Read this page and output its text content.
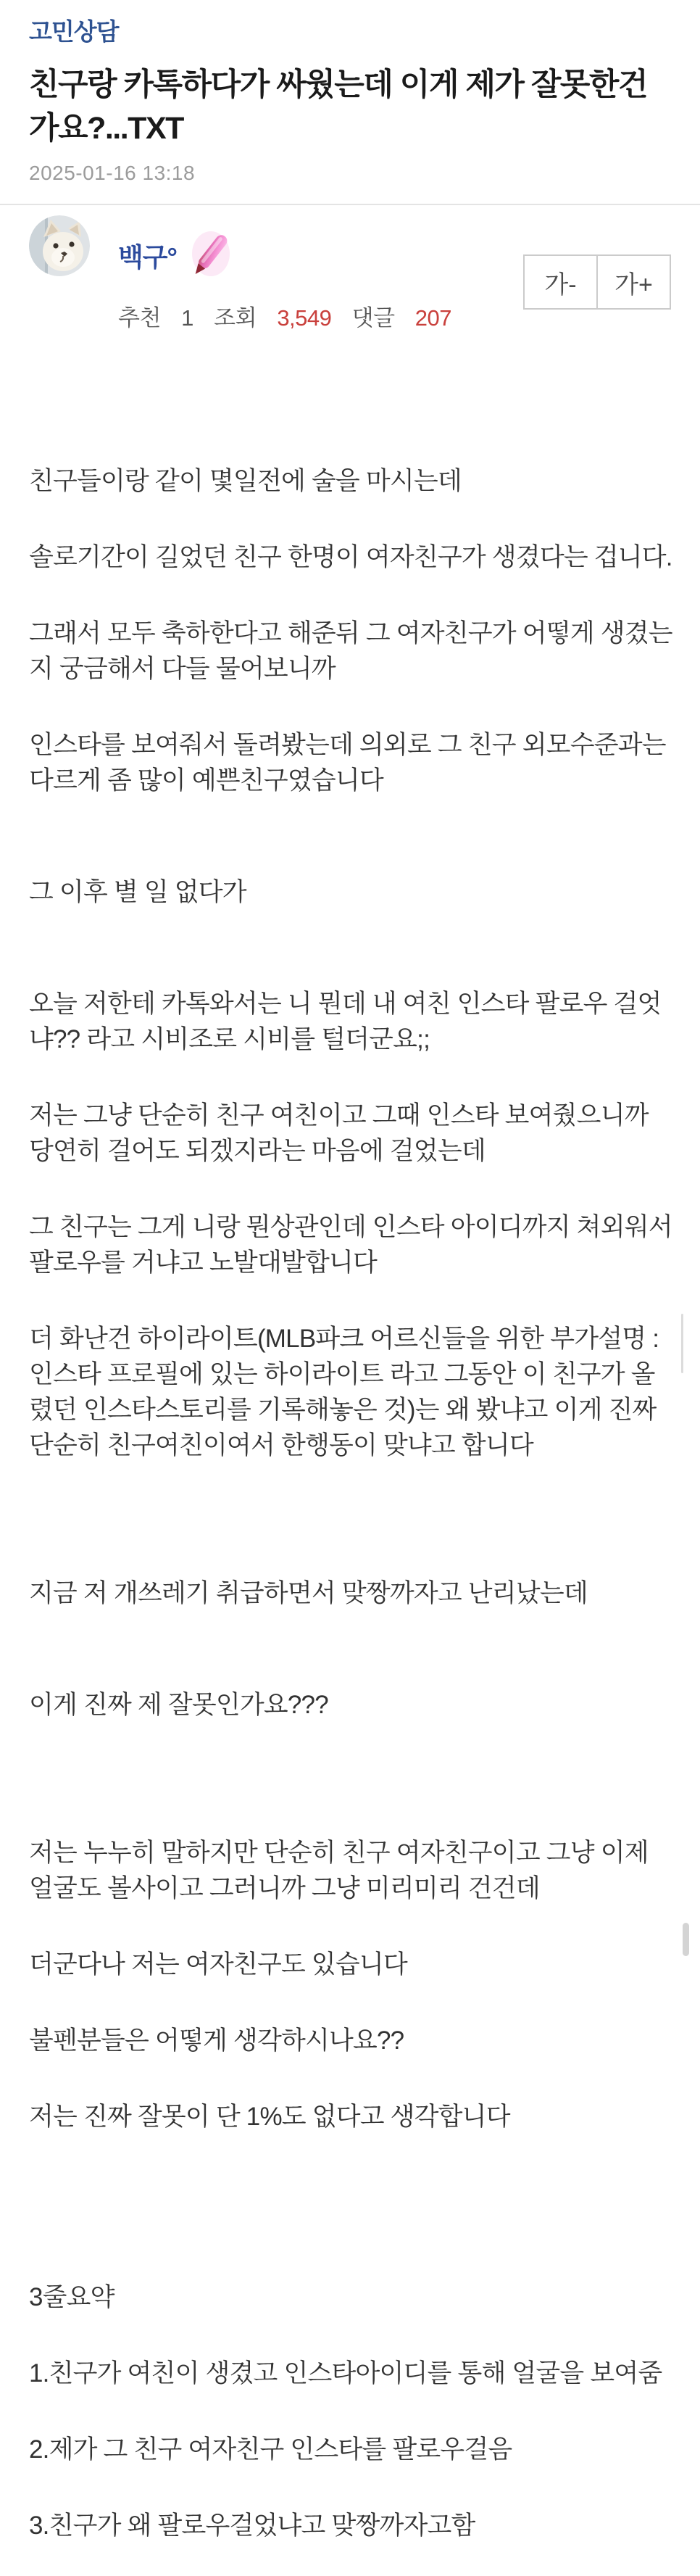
고민상담
친구랑 카톡하다가 싸웠는데 이게 제가 잘못한건가요?...TXT
2025-01-16 13:18
백구°
추천 1 조회 3,549 댓글 207
가-	가+

친구들이랑 같이 몇일전에 술을 마시는데

솔로기간이 길었던 친구 한명이 여자친구가 생겼다는 겁니다.

그래서 모두 축하한다고 해준뒤 그 여자친구가 어떻게 생겼는지 궁금해서 다들 물어보니까

인스타를 보여줘서 돌려봤는데 의외로 그 친구 외모수준과는 다르게 좀 많이 예쁜친구였습니다

그 이후 별 일 없다가

오늘 저한테 카톡와서는 니 뭔데 내 여친 인스타 팔로우 걸엇냐?? 라고 시비조로 시비를 털더군요;;

저는 그냥 단순히 친구 여친이고 그때 인스타 보여줬으니까 당연히 걸어도 되겠지라는 마음에 걸었는데

그 친구는 그게 니랑 뭔상관인데 인스타 아이디까지 쳐외워서 팔로우를 거냐고 노발대발합니다

더 화난건 하이라이트(MLB파크 어르신들을 위한 부가설명 :인스타 프로필에 있는 하이라이트 라고 그동안 이 친구가 올렸던 인스타스토리를 기록해놓은 것)는 왜 봤냐고 이게 진짜 단순히 친구여친이여서 한행동이 맞냐고 합니다

지금 저 개쓰레기 취급하면서 맞짱까자고 난리났는데

이게 진짜 제 잘못인가요???

저는 누누히 말하지만 단순히 친구 여자친구이고 그냥 이제 얼굴도 볼사이고 그러니까 그냥 미리미리 건건데

더군다나 저는 여자친구도 있습니다

불펜분들은 어떻게 생각하시나요??

저는 진짜 잘못이 단 1%도 없다고 생각합니다

3줄요약

1.친구가 여친이 생겼고 인스타아이디를 통해 얼굴을 보여줌

2.제가 그 친구 여자친구 인스타를 팔로우걸음

3.친구가 왜 팔로우걸었냐고 맞짱까자고함
